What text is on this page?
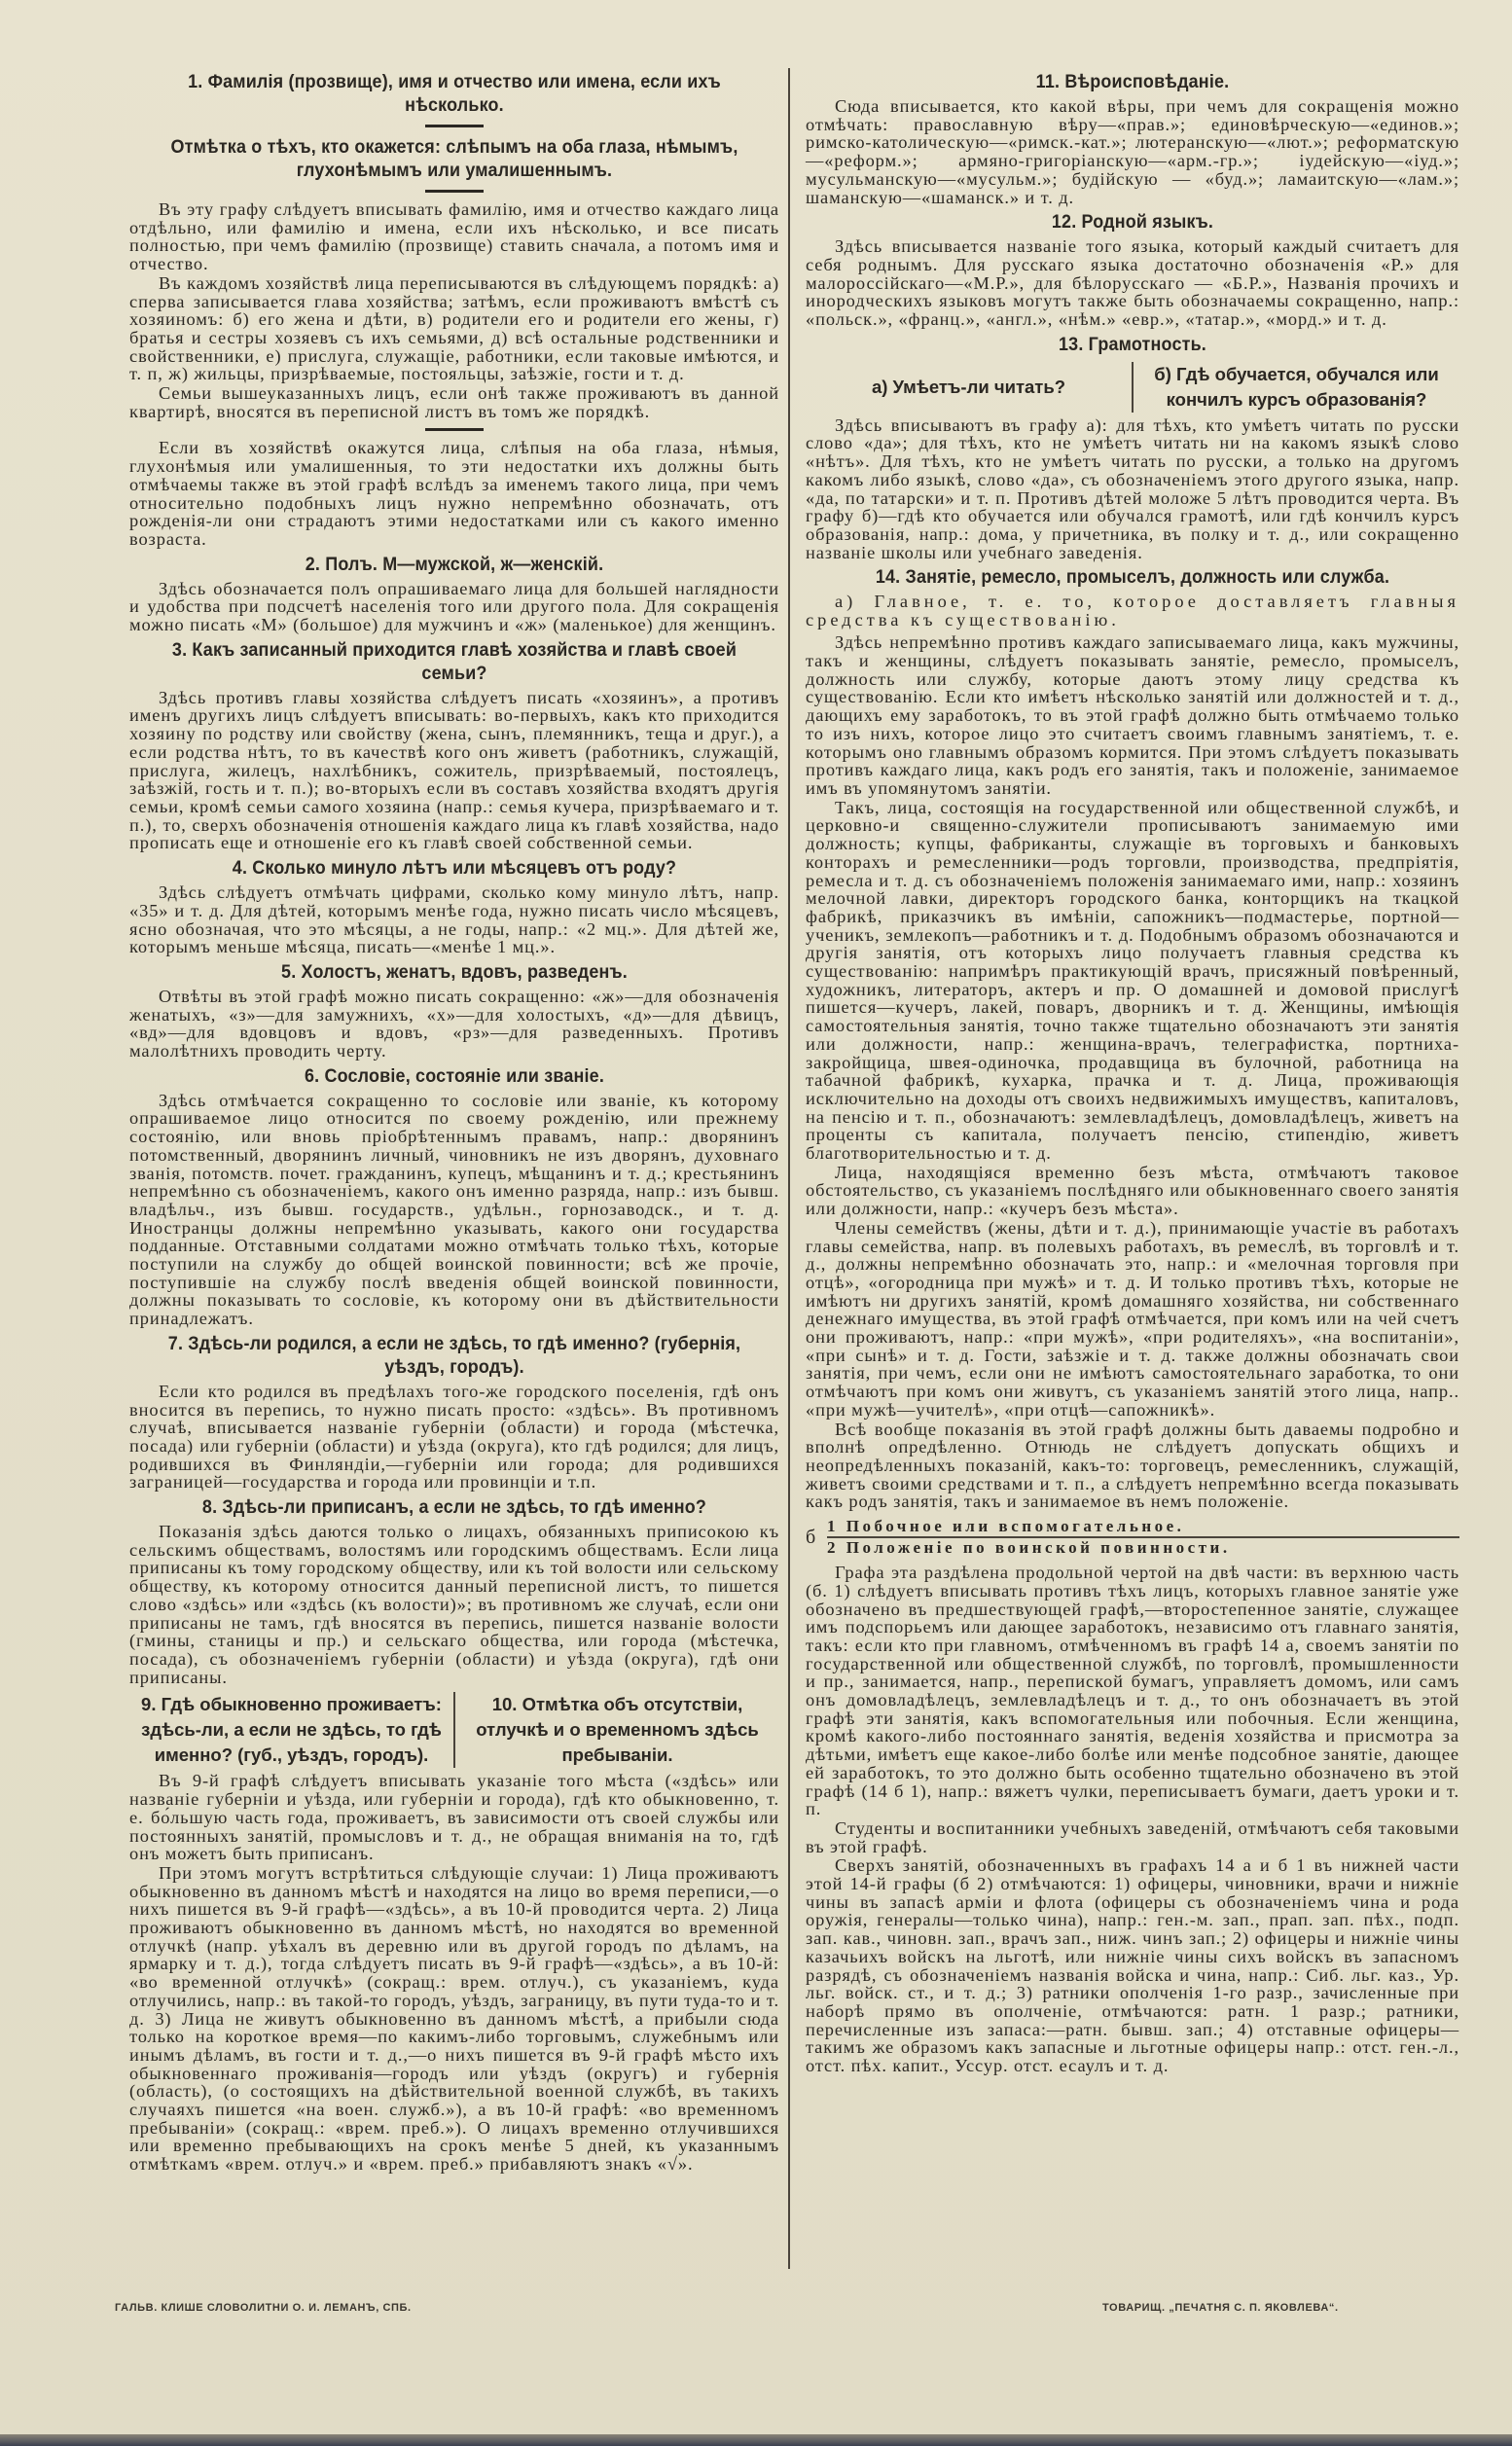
1. Фамилія (прозвище), имя и отчество или имена, если ихъ нѣсколько.
Отмѣтка о тѣхъ, кто окажется: слѣпымъ на оба глаза, нѣмымъ, глухонѣмымъ или умалишеннымъ.

Въ эту графу слѣдуетъ вписывать фамилію, имя и отчество каждаго лица отдѣльно, или фамилію и имена, если ихъ нѣсколько, и все писать полностью, при чемъ фамилію (прозвище) ставить сначала, а потомъ имя и отчество.

Въ каждомъ хозяйствѣ лица переписываются въ слѣдующемъ порядкѣ: а) сперва записывается глава хозяйства; затѣмъ, если проживаютъ вмѣстѣ съ хозяиномъ: б) его жена и дѣти, в) родители его и родители его жены, г) братья и сестры хозяевъ съ ихъ семьями, д) всѣ остальные родственники и свойственники, е) прислуга, служащіе, работники, если таковые имѣются, и т. п, ж) жильцы, призрѣваемые, постояльцы, заѣзжіе, гости и т. д.

Семьи вышеуказанныхъ лицъ, если онѣ также проживаютъ въ данной квартирѣ, вносятся въ переписной листъ въ томъ же порядкѣ.

Если въ хозяйствѣ окажутся лица, слѣпыя на оба глаза, нѣмыя, глухонѣмыя или умалишенныя, то эти недостатки ихъ должны быть отмѣчаемы также въ этой графѣ вслѣдъ за именемъ такого лица, при чемъ относительно подобныхъ лицъ нужно непремѣнно обозначать, отъ рожденія-ли они страдаютъ этими недостатками или съ какого именно возраста.

2. Полъ. М—мужской, ж—женскій.

Здѣсь обозначается полъ опрашиваемаго лица для большей наглядности и удобства при подсчетѣ населенія того или другого пола. Для сокращенія можно писать «М» (большое) для мужчинъ и «ж» (маленькое) для женщинъ.

3. Какъ записанный приходится главѣ хозяйства и главѣ своей семьи?

Здѣсь противъ главы хозяйства слѣдуетъ писать «хозяинъ», а противъ именъ другихъ лицъ слѣдуетъ вписывать: во-первыхъ, какъ кто приходится хозяину по родству или свойству (жена, сынъ, племянникъ, теща и друг.), а если родства нѣтъ, то въ качествѣ кого онъ живетъ (работникъ, служащій, прислуга, жилецъ, нахлѣбникъ, сожитель, призрѣваемый, постоялецъ, заѣзжій, гость и т. п.); во-вторыхъ если въ составъ хозяйства входятъ другія семьи, кромѣ семьи самого хозяина (напр.: семья кучера, призрѣваемаго и т. п.), то, сверхъ обозначенія отношенія каждаго лица къ главѣ хозяйства, надо прописать еще и отношеніе его къ главѣ своей собственной семьи.

4. Сколько минуло лѣтъ или мѣсяцевъ отъ роду?

Здѣсь слѣдуетъ отмѣчать цифрами, сколько кому минуло лѣтъ, напр. «35» и т. д. Для дѣтей, которымъ менѣе года, нужно писать число мѣсяцевъ, ясно обозначая, что это мѣсяцы, а не годы, напр.: «2 мц.». Для дѣтей же, которымъ меньше мѣсяца, писать—«менѣе 1 мц.».

5. Холостъ, женатъ, вдовъ, разведенъ.

Отвѣты въ этой графѣ можно писать сокращенно: «ж»—для обозначенія женатыхъ, «з»—для замужнихъ, «х»—для холостыхъ, «д»—для дѣвицъ, «вд»—для вдовцовъ и вдовъ, «рз»—для разведенныхъ. Противъ малолѣтнихъ проводить черту.

6. Сословіе, состояніе или званіе.

Здѣсь отмѣчается сокращенно то сословіе или званіе, къ которому опрашиваемое лицо относится по своему рожденію, или прежнему состоянію, или вновь пріобрѣтеннымъ правамъ, напр.: дворянинъ потомственный, дворянинъ личный, чиновникъ не изъ дворянъ, духовнаго званія, потомств. почет. гражданинъ, купецъ, мѣщанинъ и т. д.; крестьянинъ непремѣнно съ обозначеніемъ, какого онъ именно разряда, напр.: изъ бывш. владѣльч., изъ бывш. государств., удѣльн., горнозаводск., и т. д. Иностранцы должны непремѣнно указывать, какого они государства подданные. Отставными солдатами можно отмѣчать только тѣхъ, которые поступили на службу до общей воинской повинности; всѣ же прочіе, поступившіе на службу послѣ введенія общей воинской повинности, должны показывать то сословіе, къ которому они въ дѣйствительности принадлежатъ.

7. Здѣсь-ли родился, а если не здѣсь, то гдѣ именно? (губернія, уѣздъ, городъ).

Если кто родился въ предѣлахъ того-же городского поселенія, гдѣ онъ вносится въ перепись, то нужно писать просто: «здѣсь». Въ противномъ случаѣ, вписывается названіе губерніи (области) и города (мѣстечка, посада) или губерніи (области) и уѣзда (округа), кто гдѣ родился; для лицъ, родившихся въ Финляндіи,—губерніи или города; для родившихся заграницей—государства и города или провинціи и т.п.

8. Здѣсь-ли приписанъ, а если не здѣсь, то гдѣ именно?

Показанія здѣсь даются только о лицахъ, обязанныхъ приписокою къ сельскимъ обществамъ, волостямъ или городскимъ обществамъ. Если лица приписаны къ тому городскому обществу, или къ той волости или сельскому обществу, къ которому относится данный переписной листъ, то пишется слово «здѣсь» или «здѣсь (къ волости)»; въ противномъ же случаѣ, если они приписаны не тамъ, гдѣ вносятся въ перепись, пишется названіе волости (гмины, станицы и пр.) и сельскаго общества, или города (мѣстечка, посада), съ обозначеніемъ губерніи (области) и уѣзда (округа), гдѣ они приписаны.

9. Гдѣ обыкновенно проживаетъ: здѣсь-ли, а если не здѣсь, то гдѣ именно? (губ., уѣздъ, городъ).
10. Отмѣтка объ отсутствіи, отлучкѣ и о временномъ здѣсь пребываніи.

Въ 9-й графѣ слѣдуетъ вписывать указаніе того мѣста («здѣсь» или названіе губерніи и уѣзда, или губерніи и города), гдѣ кто обыкновенно, т. е. бо́льшую часть года, проживаетъ, въ зависимости отъ своей службы или постоянныхъ занятій, промысловъ и т. д., не обращая вниманія на то, гдѣ онъ можетъ быть приписанъ.

При этомъ могутъ встрѣтиться слѣдующіе случаи: 1) Лица проживаютъ обыкновенно въ данномъ мѣстѣ и находятся на лицо во время переписи,—о нихъ пишется въ 9-й графѣ—«здѣсь», а въ 10-й проводится черта. 2) Лица проживаютъ обыкновенно въ данномъ мѣстѣ, но находятся во временной отлучкѣ (напр. уѣхалъ въ деревню или въ другой городъ по дѣламъ, на ярмарку и т. д.), тогда слѣдуетъ писать въ 9-й графѣ—«здѣсь», а въ 10-й: «во временной отлучкѣ» (сокращ.: врем. отлуч.), съ указаніемъ, куда отлучились, напр.: въ такой-то городъ, уѣздъ, заграницу, въ пути туда-то и т. д. 3) Лица не живутъ обыкновенно въ данномъ мѣстѣ, а прибыли сюда только на короткое время—по какимъ-либо торговымъ, служебнымъ или инымъ дѣламъ, въ гости и т. д.,—о нихъ пишется въ 9-й графѣ мѣсто ихъ обыкновеннаго проживанія—городъ или уѣздъ (округъ) и губернія (область), (о состоящихъ на дѣйствительной военной службѣ, въ такихъ случаяхъ пишется «на воен. служб.»), а въ 10-й графѣ: «во временномъ пребываніи» (сокращ.: «врем. преб.»). О лицахъ временно отлучившихся или временно пребывающихъ на срокъ менѣе 5 дней, къ указаннымъ отмѣткамъ «врем. отлуч.» и «врем. преб.» прибавляютъ знакъ «√».

11. Вѣроисповѣданіе.

Сюда вписывается, кто какой вѣры, при чемъ для сокращенія можно отмѣчать: православную вѣру—«прав.»; единовѣрческую—«единов.»; римско-католическую—«римск.-кат.»; лютеранскую—«лют.»; реформатскую—«реформ.»; армяно-григоріанскую—«арм.-гр.»; іудейскую—«іуд.»; мусульманскую—«мусульм.»; будійскую — «буд.»; ламаитскую—«лам.»; шаманскую—«шаманск.» и т. д.

12. Родной языкъ.

Здѣсь вписывается названіе того языка, который каждый считаетъ для себя роднымъ. Для русскаго языка достаточно обозначенія «Р.» для малороссійскаго—«М.Р.», для бѣлорусскаго — «Б.Р.», Названія прочихъ и инородческихъ языковъ могутъ также быть обозначаемы сокращенно, напр.: «польск.», «франц.», «англ.», «нѣм.» «евр.», «татар.», «морд.» и т. д.

13. Грамотность.
а) Умѣетъ-ли читать?
б) Гдѣ обучается, обучался или кончилъ курсъ образованія?

Здѣсь вписываютъ въ графу а): для тѣхъ, кто умѣетъ читать по русски слово «да»; для тѣхъ, кто не умѣетъ читать ни на какомъ языкѣ слово «нѣтъ». Для тѣхъ, кто не умѣетъ читать по русски, а только на другомъ какомъ либо языкѣ, слово «да», съ обозначеніемъ этого другого языка, напр. «да, по татарски» и т. п. Противъ дѣтей моложе 5 лѣтъ проводится черта. Въ графу б)—гдѣ кто обучается или обучался грамотѣ, или гдѣ кончилъ курсъ образованія, напр.: дома, у причетника, въ полку и т. д., или сокращенно названіе школы или учебнаго заведенія.

14. Занятіе, ремесло, промыселъ, должность или служба.
а) Главное, т. е. то, которое доставляетъ главныя средства къ существованію.

Здѣсь непремѣнно противъ каждаго записываемаго лица, какъ мужчины, такъ и женщины, слѣдуетъ показывать занятіе, ремесло, промыселъ, должность или службу, которые даютъ этому лицу средства къ существованію. Если кто имѣетъ нѣсколько занятій или должностей и т. д., дающихъ ему заработокъ, то въ этой графѣ должно быть отмѣчаемо только то изъ нихъ, которое лицо это считаетъ своимъ главнымъ занятіемъ, т. е. которымъ оно главнымъ образомъ кормится. При этомъ слѣдуетъ показывать противъ каждаго лица, какъ родъ его занятія, такъ и положеніе, занимаемое имъ въ упомянутомъ занятіи.

Такъ, лица, состоящія на государственной или общественной службѣ, и церковно-и священно-служители прописываютъ занимаемую ими должность; купцы, фабриканты, служащіе въ торговыхъ и банковыхъ конторахъ и ремесленники—родъ торговли, производства, предпріятія, ремесла и т. д. съ обозначеніемъ положенія занимаемаго ими, напр.: хозяинъ мелочной лавки, директоръ городского банка, конторщикъ на ткацкой фабрикѣ, приказчикъ въ имѣніи, сапожникъ—подмастерье, портной—ученикъ, землекопъ—работникъ и т. д. Подобнымъ образомъ обозначаются и другія занятія, отъ которыхъ лицо получаетъ главныя средства къ существованію: напримѣръ практикующій врачъ, присяжный повѣренный, художникъ, литераторъ, актеръ и пр. О домашней и домовой прислугѣ пишется—кучеръ, лакей, поваръ, дворникъ и т. д. Женщины, имѣющія самостоятельныя занятія, точно также тщательно обозначаютъ эти занятія или должности, напр.: женщина-врачъ, телеграфистка, портниха-закройщица, швея-одиночка, продавщица въ булочной, работница на табачной фабрикѣ, кухарка, прачка и т. д. Лица, проживающія исключительно на доходы отъ своихъ недвижимыхъ имуществъ, капиталовъ, на пенсію и т. п., обозначаютъ: землевладѣлецъ, домовладѣлецъ, живетъ на проценты съ капитала, получаетъ пенсію, стипендію, живетъ благотворительностью и т. д.

Лица, находящіяся временно безъ мѣста, отмѣчаютъ таковое обстоятельство, съ указаніемъ послѣдняго или обыкновеннаго своего занятія или должности, напр.: «кучеръ безъ мѣста».

Члены семействъ (жены, дѣти и т. д.), принимающіе участіе въ работахъ главы семейства, напр. въ полевыхъ работахъ, въ ремеслѣ, въ торговлѣ и т. д., должны непремѣнно обозначать это, напр.: и «мелочная торговля при отцѣ», «огородница при мужѣ» и т. д. И только противъ тѣхъ, которые не имѣютъ ни другихъ занятій, кромѣ домашняго хозяйства, ни собственнаго денежнаго имущества, въ этой графѣ отмѣчается, при комъ или на чей счетъ они проживаютъ, напр.: «при мужѣ», «при родителяхъ», «на воспитаніи», «при сынѣ» и т. д. Гости, заѣзжіе и т. д. также должны обозначать свои занятія, при чемъ, если они не имѣютъ самостоятельнаго заработка, то они отмѣчаютъ при комъ они живутъ, съ указаніемъ занятій этого лица, напр.. «при мужѣ—учителѣ», «при отцѣ—сапожникѣ».

Всѣ вообще показанія въ этой графѣ должны быть даваемы подробно и вполнѣ опредѣленно. Отнюдь не слѣдуетъ допускать общихъ и неопредѣленныхъ показаній, какъ-то: торговецъ, ремесленникъ, служащій, живетъ своими средствами и т. п., а слѣдуетъ непремѣнно всегда показывать какъ родъ занятія, такъ и занимаемое въ немъ положеніе.

б 1 Побочное или вспомогательное.
2 Положеніе по воинской повинности.

Графа эта раздѣлена продольной чертой на двѣ части: въ верхнюю часть (б. 1) слѣдуетъ вписывать противъ тѣхъ лицъ, которыхъ главное занятіе уже обозначено въ предшествующей графѣ,—второстепенное занятіе, служащее имъ подспорьемъ или дающее заработокъ, независимо отъ главнаго занятія, такъ: если кто при главномъ, отмѣченномъ въ графѣ 14 а, своемъ занятіи по государственной или общественной службѣ, по торговлѣ, промышленности и пр., занимается, напр., перепиской бумагъ, управляетъ домомъ, или самъ онъ домовладѣлецъ, землевладѣлецъ и т. д., то онъ обозначаетъ въ этой графѣ эти занятія, какъ вспомогательныя или побочныя. Если женщина, кромѣ какого-либо постояннаго занятія, веденія хозяйства и присмотра за дѣтьми, имѣетъ еще какое-либо болѣе или менѣе подсобное занятіе, дающее ей заработокъ, то это должно быть особенно тщательно обозначено въ этой графѣ (14 б 1), напр.: вяжетъ чулки, переписываетъ бумаги, даетъ уроки и т. п.

Студенты и воспитанники учебныхъ заведеній, отмѣчаютъ себя таковыми въ этой графѣ.

Сверхъ занятій, обозначенныхъ въ графахъ 14 а и б 1 въ нижней части этой 14-й графы (б 2) отмѣчаются: 1) офицеры, чиновники, врачи и нижніе чины въ запасѣ арміи и флота (офицеры съ обозначеніемъ чина и рода оружія, генералы—только чина), напр.: ген.-м. зап., прап. зап. пѣх., подп. зап. кав., чиновн. зап., врачъ зап., ниж. чинъ зап.; 2) офицеры и нижніе чины казачьихъ войскъ на льготѣ, или нижніе чины сихъ войскъ въ запасномъ разрядѣ, съ обозначеніемъ названія войска и чина, напр.: Сиб. льг. каз., Ур. льг. войск. ст., и т. д.; 3) ратники ополченія 1-го разр., зачисленные при наборѣ прямо въ ополченіе, отмѣчаются: ратн. 1 разр.; ратники, перечисленные изъ запаса:—ратн. бывш. зап.; 4) отставные офицеры—такимъ же образомъ какъ запасные и льготные офицеры напр.: отст. ген.-л., отст. пѣх. капит., Уссур. отст. есаулъ и т. д.

ГАЛЬВ. КЛИШЕ СЛОВОЛИТНИ О. И. ЛЕМАНЪ, СПБ.	ТОВАРИЩ. „ПЕЧАТНЯ С. П. ЯКОВЛЕВА“.
